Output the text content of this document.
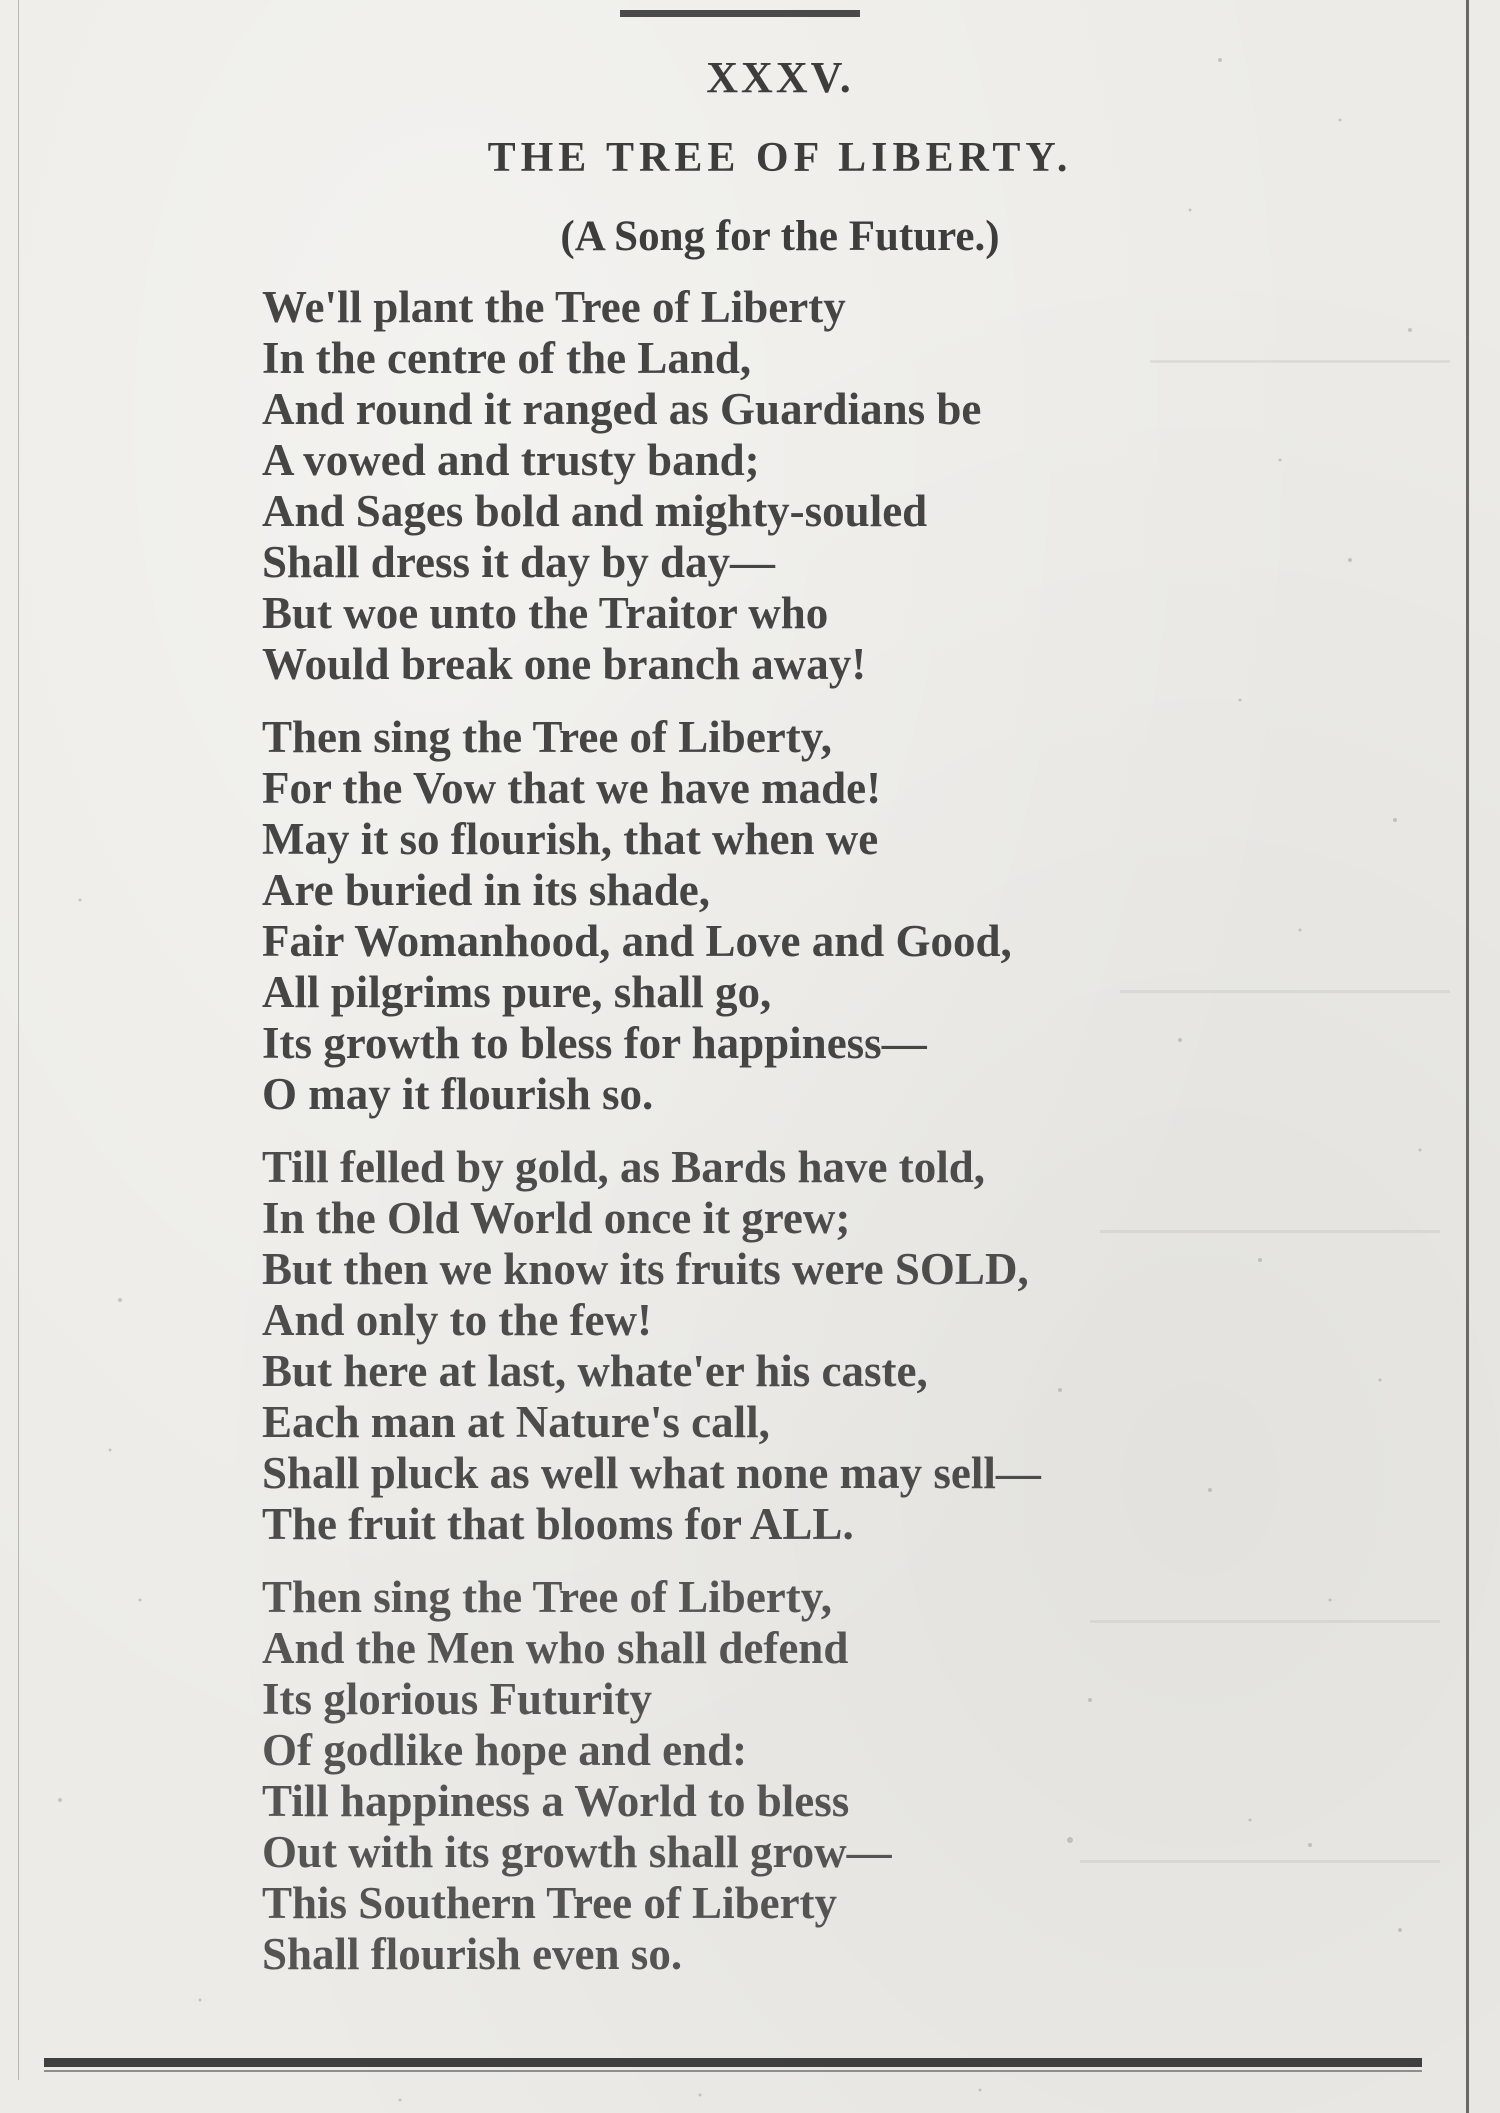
XXXV.
THE TREE OF LIBERTY.
(A Song for the Future.)
We'll plant the Tree of Liberty
In the centre of the Land,
And round it ranged as Guardians be
A vowed and trusty band;
And Sages bold and mighty-souled
Shall dress it day by day—
But woe unto the Traitor who
Would break one branch away!
Then sing the Tree of Liberty,
For the Vow that we have made!
May it so flourish, that when we
Are buried in its shade,
Fair Womanhood, and Love and Good,
All pilgrims pure, shall go,
Its growth to bless for happiness—
O may it flourish so.
Till felled by gold, as Bards have told,
In the Old World once it grew;
But then we know its fruits were SOLD,
And only to the few!
But here at last, whate'er his caste,
Each man at Nature's call,
Shall pluck as well what none may sell—
The fruit that blooms for ALL.
Then sing the Tree of Liberty,
And the Men who shall defend
Its glorious Futurity
Of godlike hope and end:
Till happiness a World to bless
Out with its growth shall grow—
This Southern Tree of Liberty
Shall flourish even so.
